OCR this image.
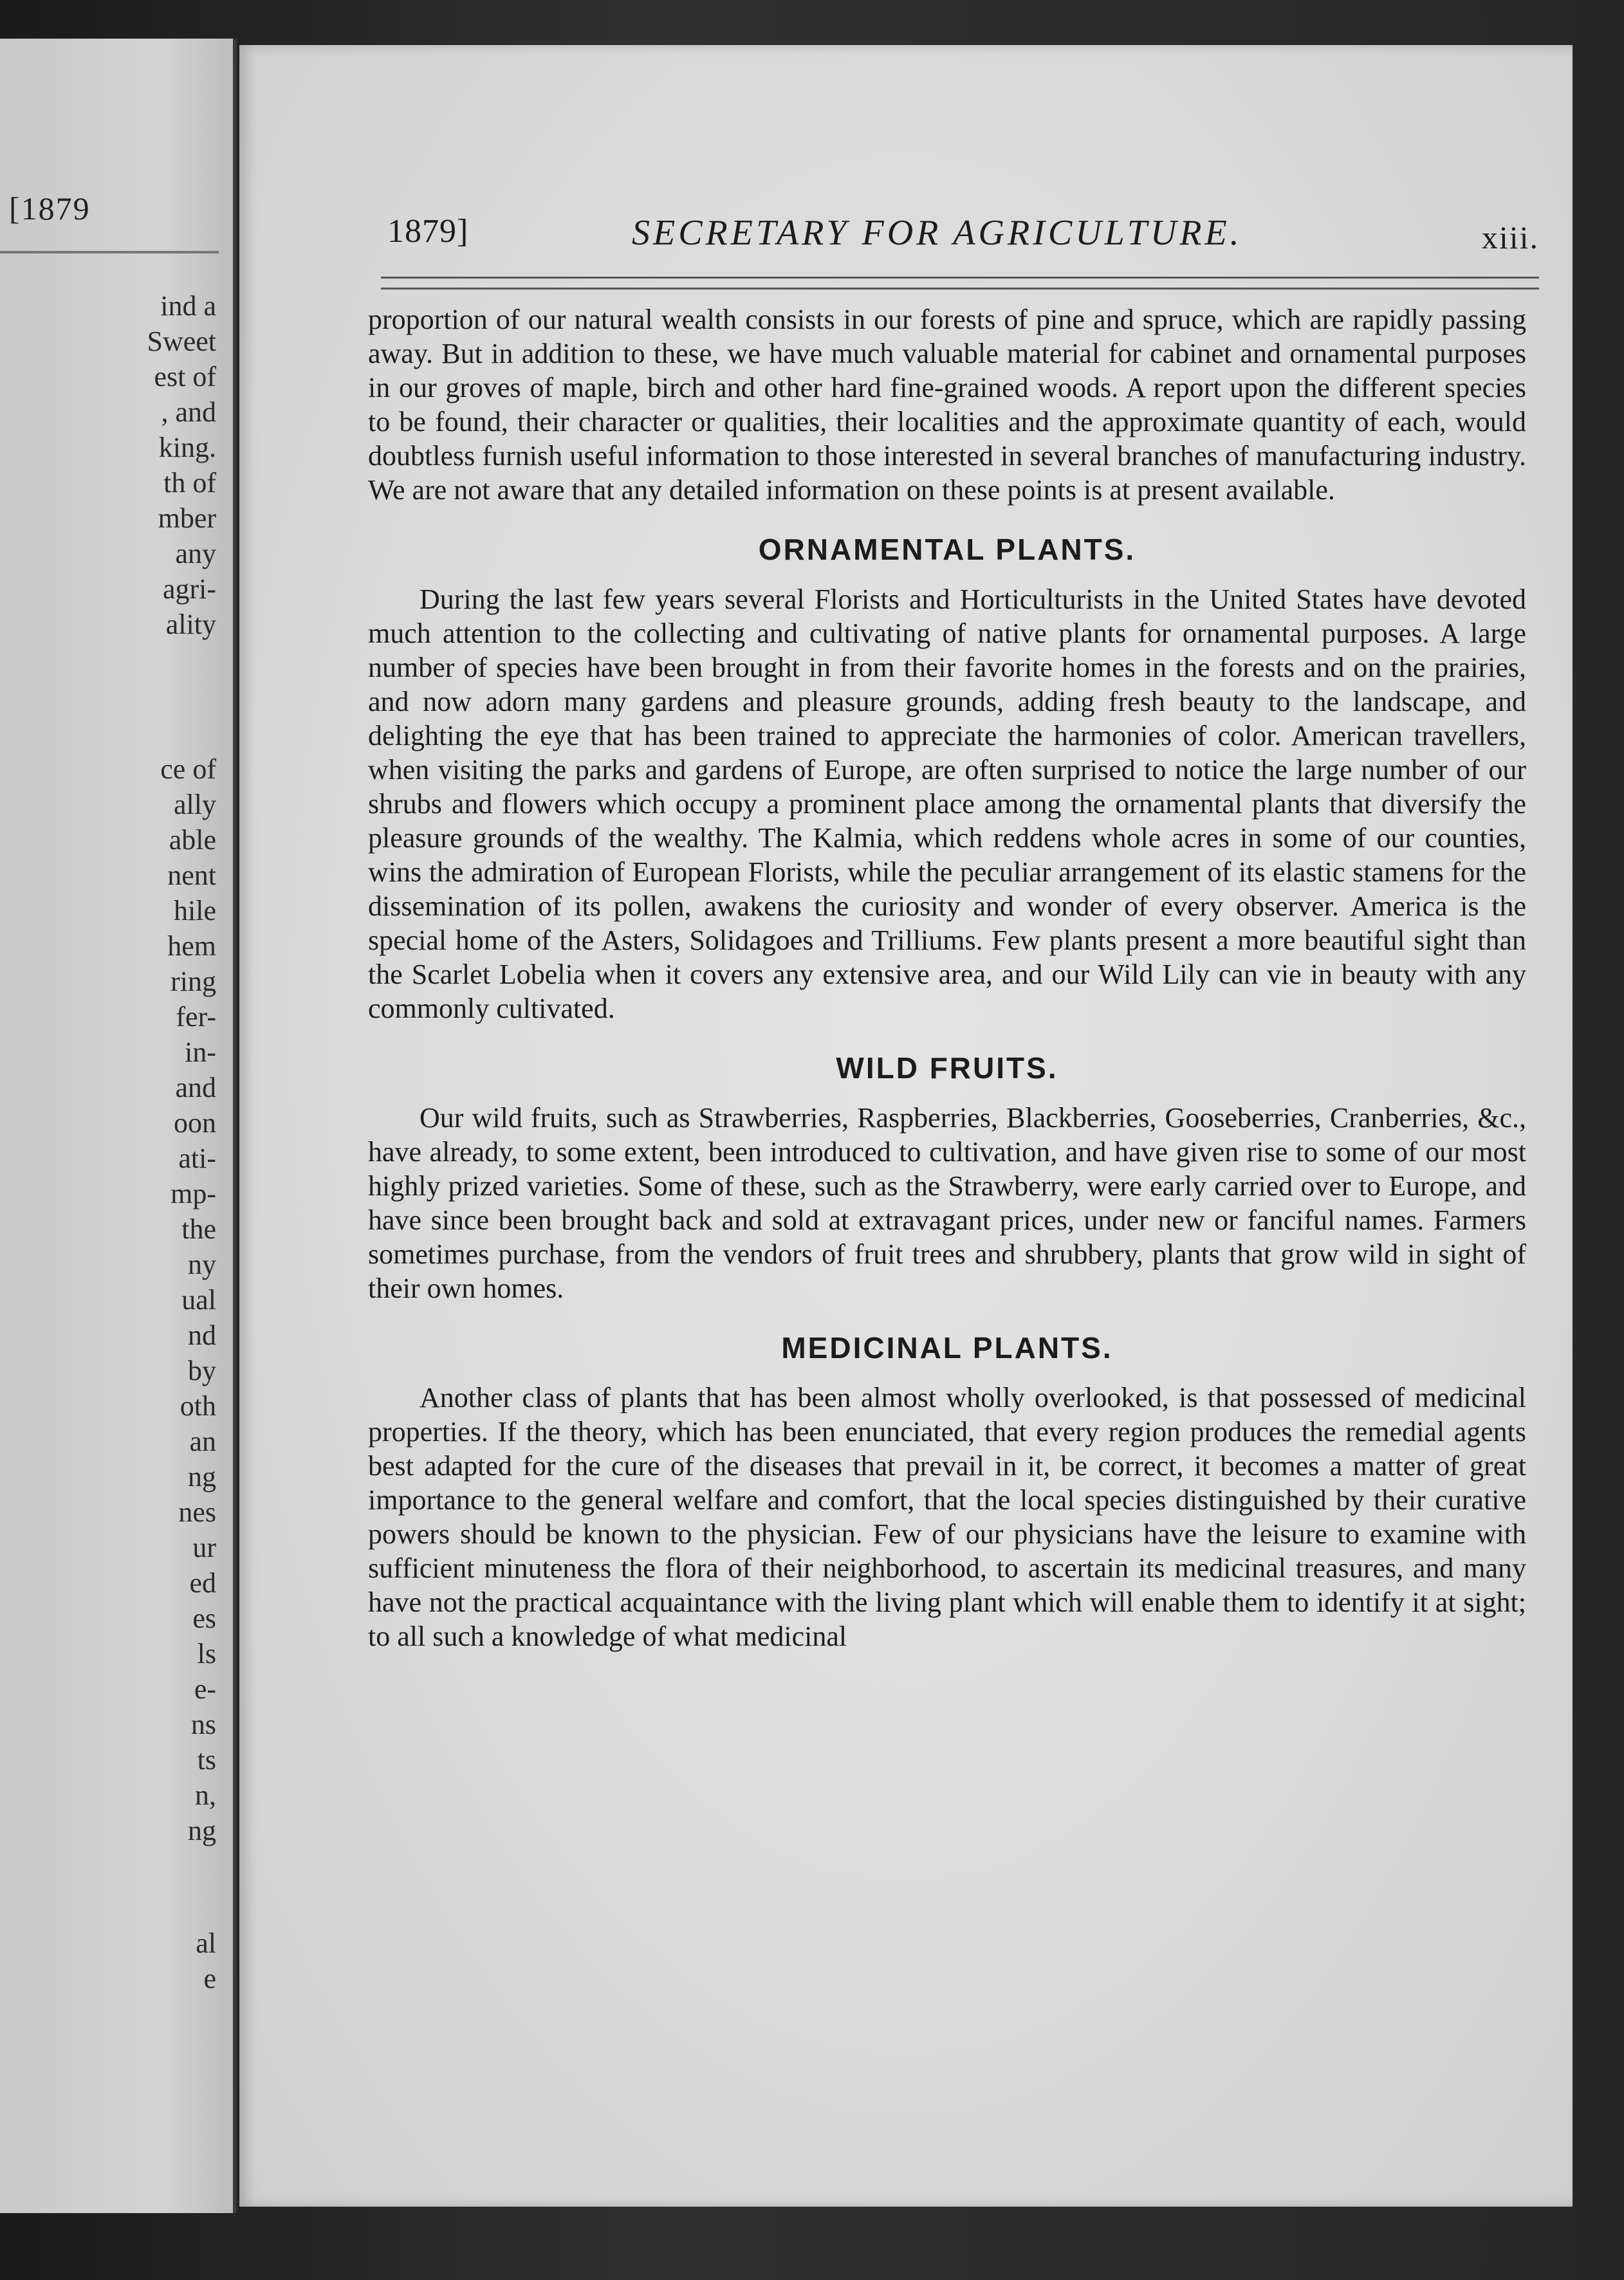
[1879
ind a
Sweet
est of
, and
king.
th of
mber
any
agri-
ality
ce of
ally
able
nent
hile
hem
ring
fer-
in-
and
oon
ati-
mp-
the
ny
ual
nd
by
oth
an
ng
nes
ur
ed
es
ls
e-
ns
ts
n,
ng
al
e
1879]	SECRETARY FOR AGRICULTURE.	xiii.

proportion of our natural wealth consists in our forests of pine and spruce, which are rapidly passing away. But in addition to these, we have much valuable material for cabinet and ornamental purposes in our groves of maple, birch and other hard fine-grained woods. A report upon the different species to be found, their character or qualities, their localities and the approximate quantity of each, would doubtless furnish useful information to those interested in several branches of manufacturing industry. We are not aware that any detailed information on these points is at present available.

ORNAMENTAL PLANTS.

During the last few years several Florists and Horticulturists in the United States have devoted much attention to the collecting and cultivating of native plants for ornamental purposes. A large number of species have been brought in from their favorite homes in the forests and on the prairies, and now adorn many gardens and pleasure grounds, adding fresh beauty to the landscape, and delighting the eye that has been trained to appreciate the harmonies of color. American travellers, when visiting the parks and gardens of Europe, are often surprised to notice the large number of our shrubs and flowers which occupy a prominent place among the ornamental plants that diversify the pleasure grounds of the wealthy. The Kalmia, which reddens whole acres in some of our counties, wins the admiration of European Florists, while the peculiar arrangement of its elastic stamens for the dissemination of its pollen, awakens the curiosity and wonder of every observer. America is the special home of the Asters, Solidagoes and Trilliums. Few plants present a more beautiful sight than the Scarlet Lobelia when it covers any extensive area, and our Wild Lily can vie in beauty with any commonly cultivated.

WILD FRUITS.

Our wild fruits, such as Strawberries, Raspberries, Blackberries, Gooseberries, Cranberries, &c., have already, to some extent, been introduced to cultivation, and have given rise to some of our most highly prized varieties. Some of these, such as the Strawberry, were early carried over to Europe, and have since been brought back and sold at extravagant prices, under new or fanciful names. Farmers sometimes purchase, from the vendors of fruit trees and shrubbery, plants that grow wild in sight of their own homes.

MEDICINAL PLANTS.

Another class of plants that has been almost wholly overlooked, is that possessed of medicinal properties. If the theory, which has been enunciated, that every region produces the remedial agents best adapted for the cure of the diseases that prevail in it, be correct, it becomes a matter of great importance to the general welfare and comfort, that the local species distinguished by their curative powers should be known to the physician. Few of our physicians have the leisure to examine with sufficient minuteness the flora of their neighborhood, to ascertain its medicinal treasures, and many have not the practical acquaintance with the living plant which will enable them to identify it at sight; to all such a knowledge of what medicinal
